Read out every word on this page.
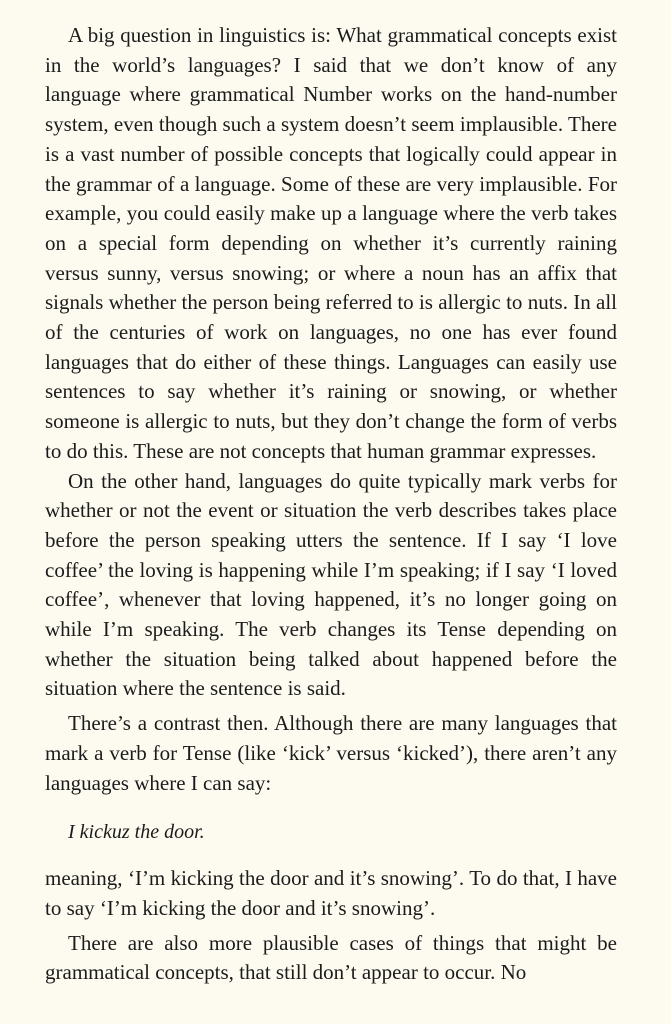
A big question in linguistics is: What grammatical concepts exist in the world’s languages? I said that we don’t know of any language where grammatical Number works on the hand-number system, even though such a system doesn’t seem implausible. There is a vast number of possible concepts that logically could appear in the grammar of a language. Some of these are very implausible. For example, you could easily make up a language where the verb takes on a special form depending on whether it’s currently raining versus sunny, versus snowing; or where a noun has an affix that signals whether the person being referred to is allergic to nuts. In all of the centuries of work on languages, no one has ever found languages that do either of these things. Languages can easily use sentences to say whether it’s raining or snowing, or whether someone is allergic to nuts, but they don’t change the form of verbs to do this. These are not concepts that human grammar expresses.

On the other hand, languages do quite typically mark verbs for whether or not the event or situation the verb describes takes place before the person speaking utters the sentence. If I say ‘I love coffee’ the loving is happening while I’m speaking; if I say ‘I loved coffee’, whenever that loving happened, it’s no longer going on while I’m speaking. The verb changes its Tense depending on whether the situation being talked about happened before the situation where the sentence is said.

There’s a contrast then. Although there are many languages that mark a verb for Tense (like ‘kick’ versus ‘kicked’), there aren’t any languages where I can say:

I kickuz the door.

meaning, ‘I’m kicking the door and it’s snowing’. To do that, I have to say ‘I’m kicking the door and it’s snowing’.

There are also more plausible cases of things that might be grammatical concepts, that still don’t appear to occur. No
